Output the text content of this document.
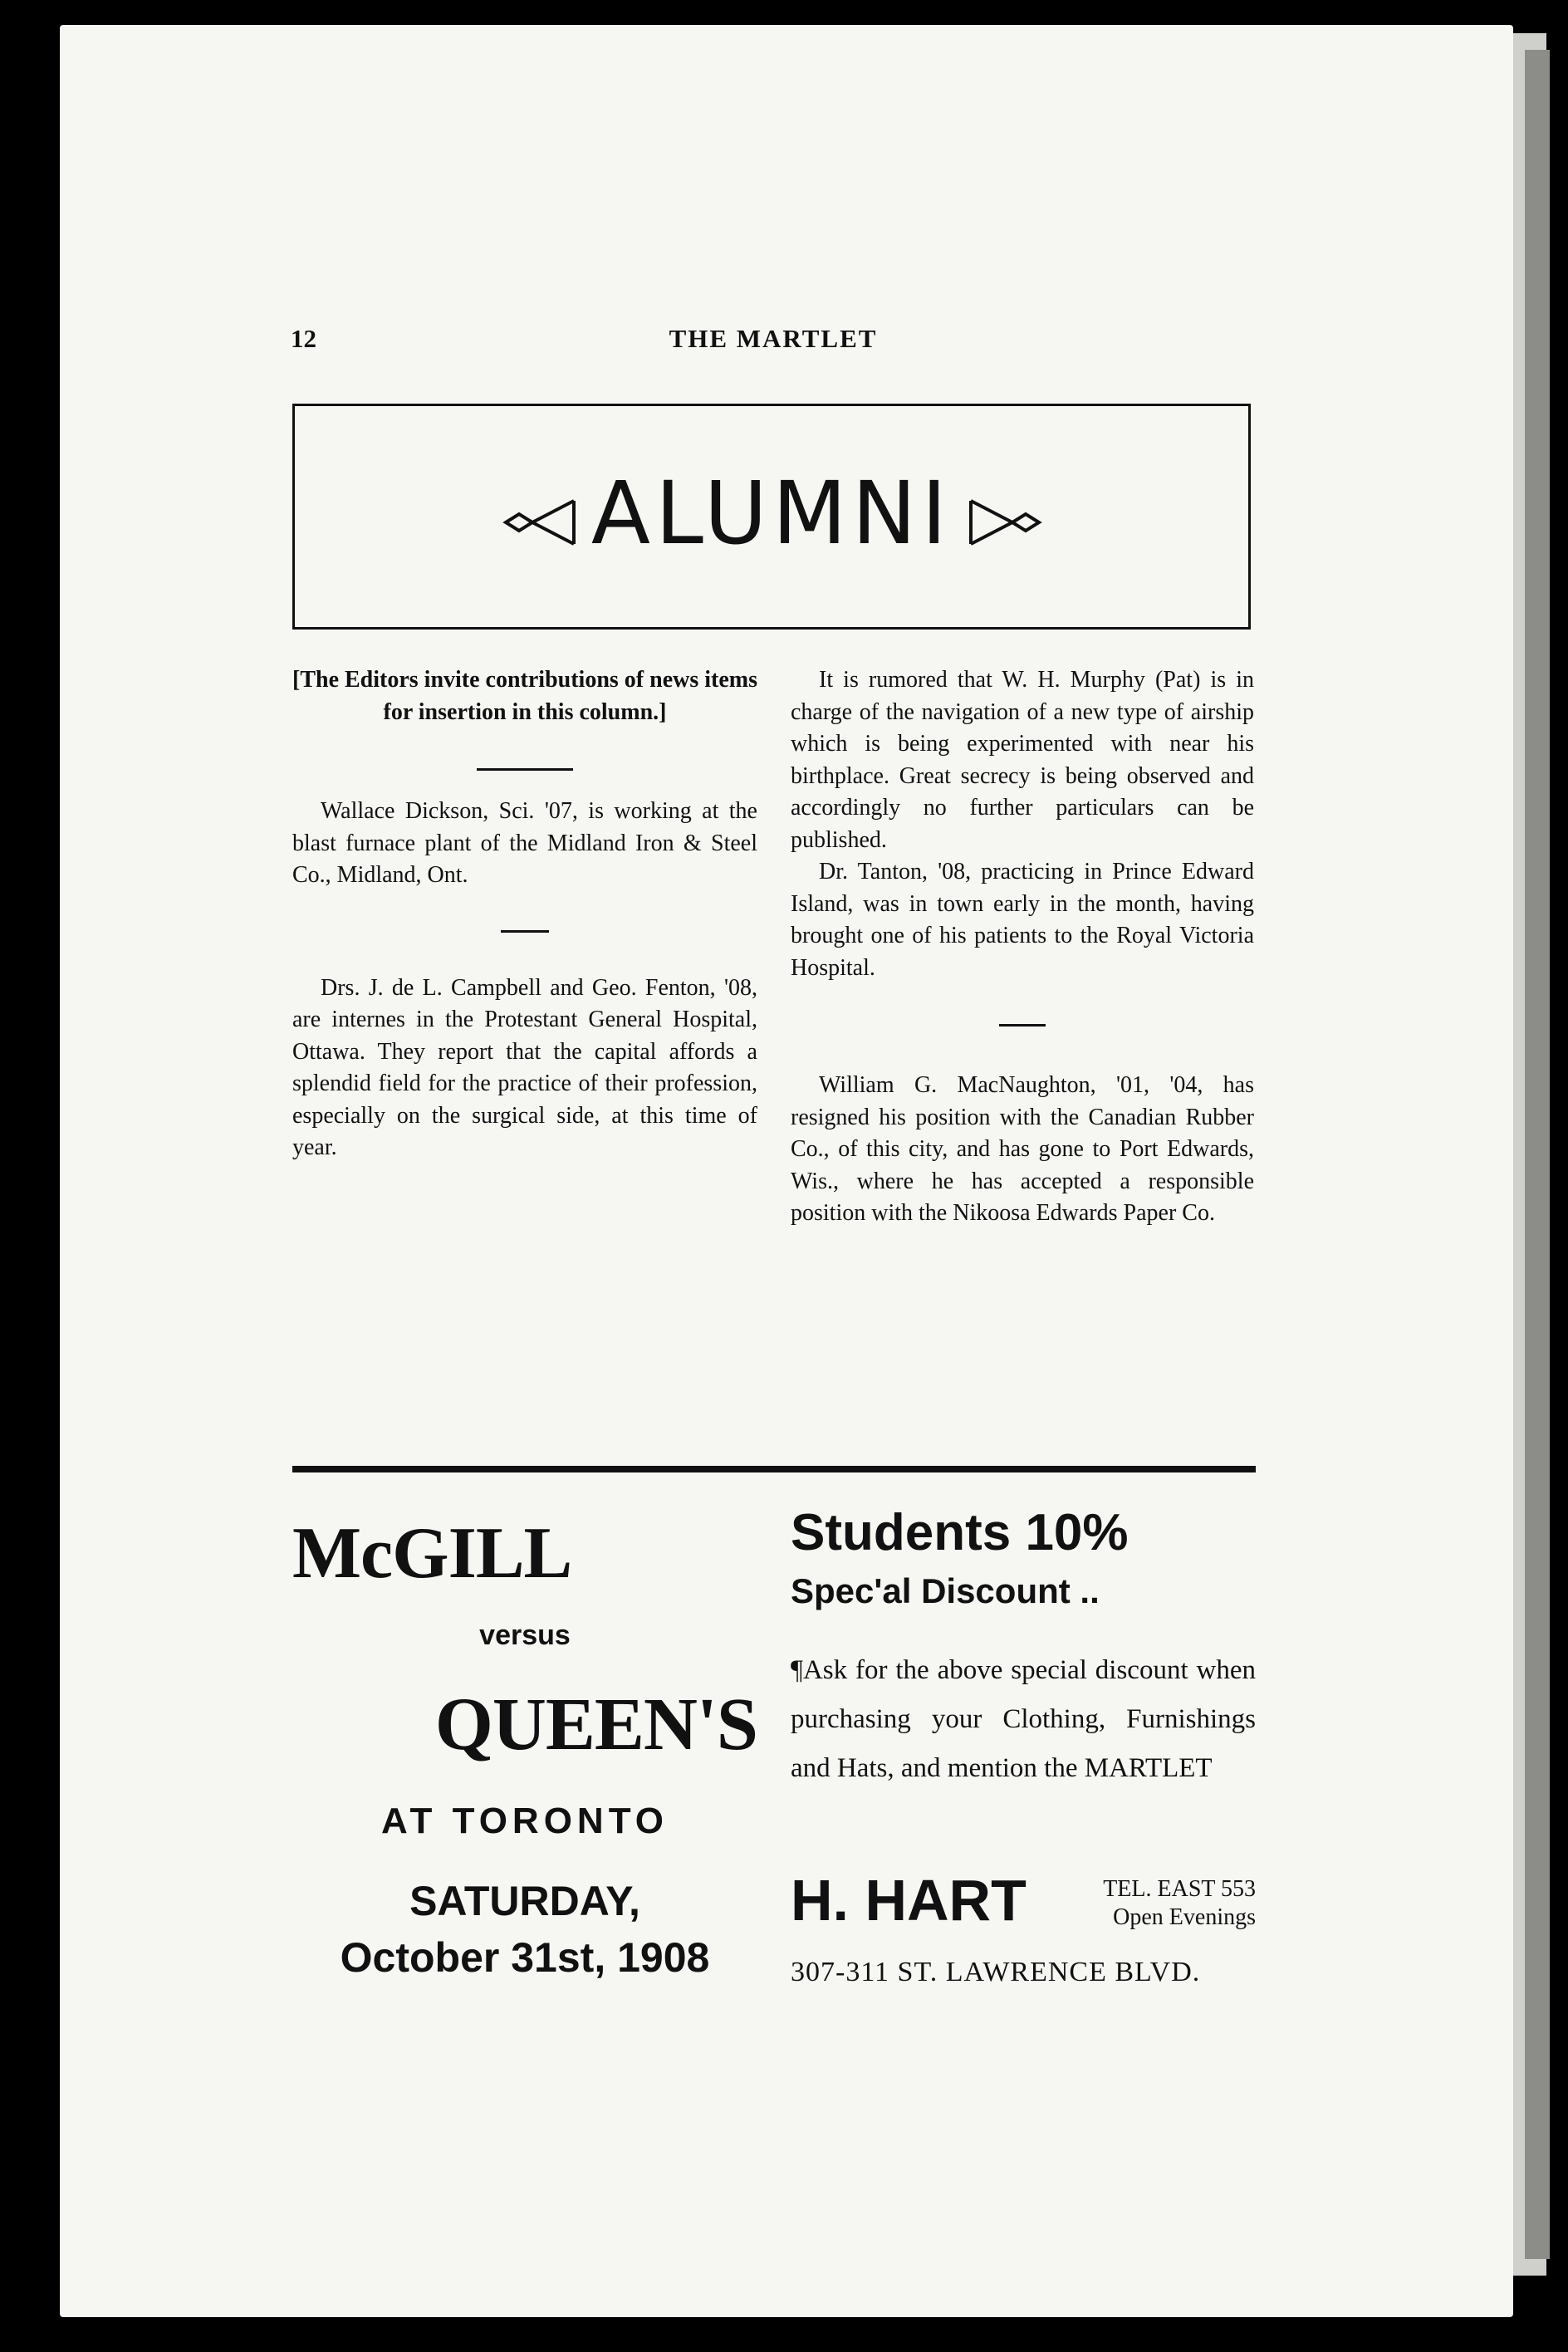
12	THE MARTLET
ALUMNI

[The Editors invite contributions of news items for insertion in this column.]

Wallace Dickson, Sci. '07, is working at the blast furnace plant of the Midland Iron & Steel Co., Midland, Ont.

Drs. J. de L. Campbell and Geo. Fenton, '08, are internes in the Protestant General Hospital, Ottawa. They report that the capital affords a splendid field for the practice of their profession, especially on the surgical side, at this time of year.

It is rumored that W. H. Murphy (Pat) is in charge of the navigation of a new type of airship which is being experimented with near his birthplace. Great secrecy is being observed and accordingly no further particulars can be published.

Dr. Tanton, '08, practicing in Prince Edward Island, was in town early in the month, having brought one of his patients to the Royal Victoria Hospital.

William G. MacNaughton, '01, '04, has resigned his position with the Canadian Rubber Co., of this city, and has gone to Port Edwards, Wis., where he has accepted a responsible position with the Nikoosa Edwards Paper Co.

McGILL
versus
QUEEN'S
AT TORONTO
SATURDAY,
October 31st, 1908
Students 10%
Spec'al Discount ..
¶Ask for the above special discount when purchasing your Clothing, Furnishings and Hats, and mention the MARTLET
H. HART	TEL. EAST 553
Open Evenings
307-311 ST. LAWRENCE BLVD.
